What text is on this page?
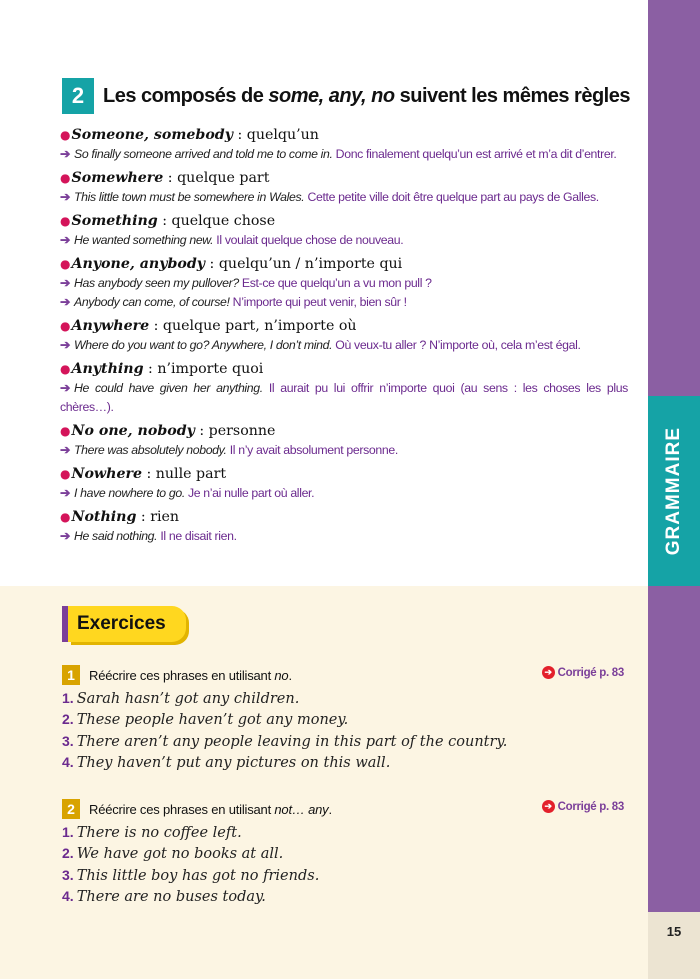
GRAMMAIRE
15
2 Les composés de some, any, no suivent les mêmes règles
●Someone, somebody : quelqu’un
➔ So finally someone arrived and told me to come in. Donc finalement quelqu’un est arrivé et m’a dit d’entrer.
●Somewhere : quelque part
➔ This little town must be somewhere in Wales. Cette petite ville doit être quelque part au pays de Galles.
●Something : quelque chose
➔ He wanted something new. Il voulait quelque chose de nouveau.
●Anyone, anybody : quelqu’un / n’importe qui
➔ Has anybody seen my pullover? Est-ce que quelqu’un a vu mon pull ?
➔ Anybody can come, of course! N’importe qui peut venir, bien sûr !
●Anywhere : quelque part, n’importe où
➔ Where do you want to go? Anywhere, I don’t mind. Où veux-tu aller ? N’importe où, cela m’est égal.
●Anything : n’importe quoi
➔ He could have given her anything. Il aurait pu lui offrir n’importe quoi (au sens : les choses les plus chères…).
●No one, nobody : personne
➔ There was absolutely nobody. Il n’y avait absolument personne.
●Nowhere : nulle part
➔ I have nowhere to go. Je n’ai nulle part où aller.
●Nothing : rien
➔ He said nothing. Il ne disait rien.
Exercices
1	Réécrire ces phrases en utilisant no.	➔ Corrigé p. 83
1. Sarah hasn’t got any children.
2. These people haven’t got any money.
3. There aren’t any people leaving in this part of the country.
4. They haven’t put any pictures on this wall.
2	Réécrire ces phrases en utilisant not… any.	➔ Corrigé p. 83
1. There is no coffee left.
2. We have got no books at all.
3. This little boy has got no friends.
4. There are no buses today.
